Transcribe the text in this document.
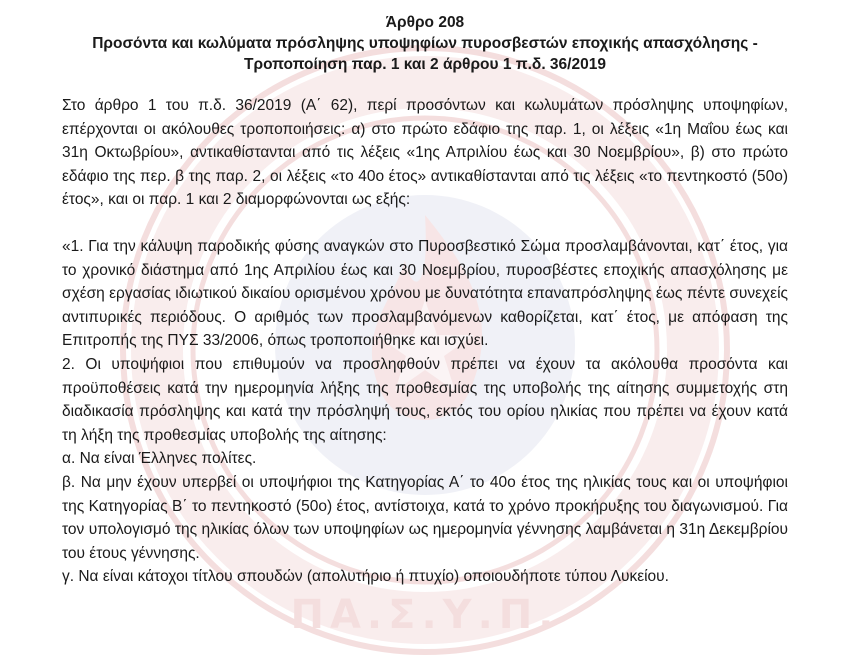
ΠΑ.Σ.Υ.Π.

Άρθρο 208

Προσόντα και κωλύματα πρόσληψης υποψηφίων πυροσβεστών εποχικής απασχόλησης -

Τροποποίηση παρ. 1 και 2 άρθρου 1 π.δ. 36/2019

Στο άρθρο 1 του π.δ. 36/2019 (Α΄ 62), περί προσόντων και κωλυμάτων πρόσληψης υποψηφίων, επέρχονται οι ακόλουθες τροποποιήσεις: α) στο πρώτο εδάφιο της παρ. 1, οι λέξεις «1η Μαΐου έως και 31η Οκτωβρίου», αντικαθίστανται από τις λέξεις «1ης Απριλίου έως και 30 Νοεμβρίου», β) στο πρώτο εδάφιο της περ. β της παρ. 2, οι λέξεις «το 40ο έτος» αντικαθίστανται από τις λέξεις «το πεντηκοστό (50ο) έτος», και οι παρ. 1 και 2 διαμορφώνονται ως εξής:

«1. Για την κάλυψη παροδικής φύσης αναγκών στο Πυροσβεστικό Σώμα προσλαμβάνονται, κατ΄ έτος, για το χρονικό διάστημα από 1ης Απριλίου έως και 30 Νοεμβρίου, πυροσβέστες εποχικής απασχόλησης με σχέση εργασίας ιδιωτικού δικαίου ορισμένου χρόνου με δυνατότητα επαναπρόσληψης έως πέντε συνεχείς αντιπυρικές περιόδους. Ο αριθμός των προσλαμβανόμενων καθορίζεται, κατ΄ έτος, με απόφαση της Επιτροπής της ΠΥΣ 33/2006, όπως τροποποιήθηκε και ισχύει.

2. Οι υποψήφιοι που επιθυμούν να προσληφθούν πρέπει να έχουν τα ακόλουθα προσόντα και προϋποθέσεις κατά την ημερομηνία λήξης της προθεσμίας της υποβολής της αίτησης συμμετοχής στη διαδικασία πρόσληψης και κατά την πρόσληψή τους, εκτός του ορίου ηλικίας που πρέπει να έχουν κατά τη λήξη της προθεσμίας υποβολής της αίτησης:

α. Να είναι Έλληνες πολίτες.

β. Να μην έχουν υπερβεί οι υποψήφιοι της Κατηγορίας Α΄ το 40ο έτος της ηλικίας τους και οι υποψήφιοι της Κατηγορίας Β΄ το πεντηκοστό (50ο) έτος, αντίστοιχα, κατά το χρόνο προκήρυξης του διαγωνισμού. Για τον υπολογισμό της ηλικίας όλων των υποψηφίων ως ημερομηνία γέννησης λαμβάνεται η 31η Δεκεμβρίου του έτους γέννησης.

γ. Να είναι κάτοχοι τίτλου σπουδών (απολυτήριο ή πτυχίο) οποιουδήποτε τύπου Λυκείου.
